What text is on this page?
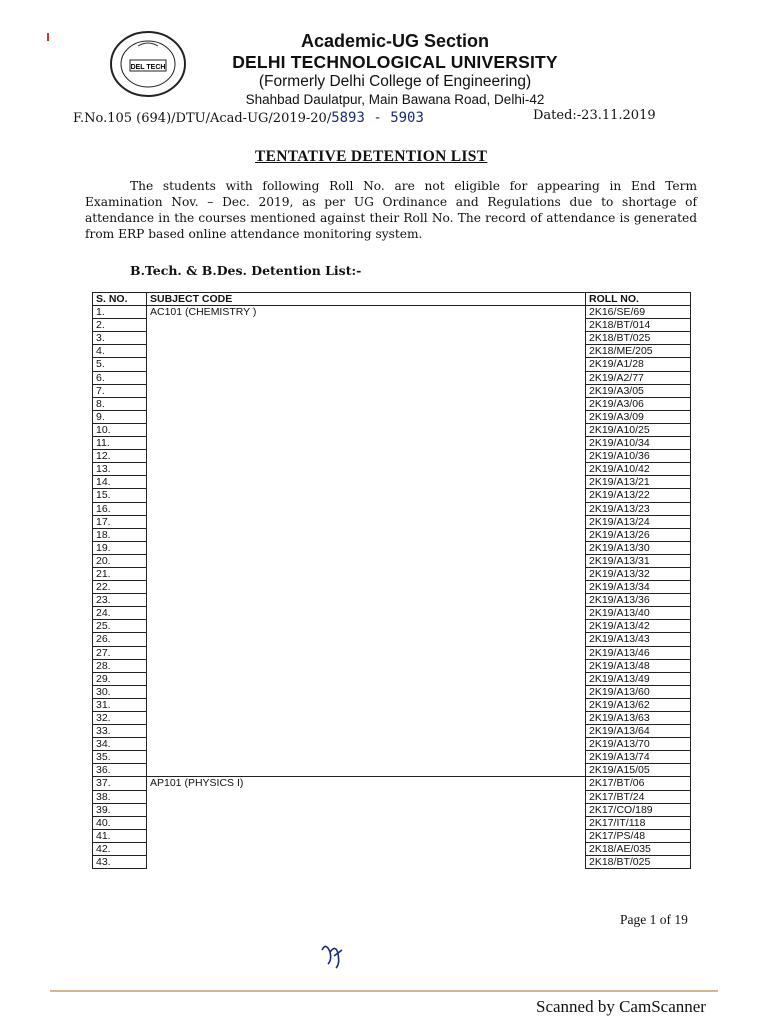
DEL TECH
Academic-UG Section
DELHI TECHNOLOGICAL UNIVERSITY
(Formerly Delhi College of Engineering)
Shahbad Daulatpur, Main Bawana Road, Delhi-42
F.No.105 (694)/DTU/Acad-UG/2019-20/5893 - 5903	Dated:-23.11.2019
TENTATIVE DETENTION LIST
The students with following Roll No. are not eligible for appearing in End Term Examination Nov. – Dec. 2019, as per UG Ordinance and Regulations due to shortage of attendance in the courses mentioned against their Roll No. The record of attendance is generated from ERP based online attendance monitoring system.
B.Tech. & B.Des. Detention List:-
S. NO.	SUBJECT CODE	ROLL NO.
1.	AC101 (CHEMISTRY )	2K16/SE/69
2.		2K18/BT/014
3.		2K18/BT/025
4.		2K18/ME/205
5.		2K19/A1/28
6.		2K19/A2/77
7.		2K19/A3/05
8.		2K19/A3/06
9.		2K19/A3/09
10.		2K19/A10/25
11.		2K19/A10/34
12.		2K19/A10/36
13.		2K19/A10/42
14.		2K19/A13/21
15.		2K19/A13/22
16.		2K19/A13/23
17.		2K19/A13/24
18.		2K19/A13/26
19.		2K19/A13/30
20.		2K19/A13/31
21.		2K19/A13/32
22.		2K19/A13/34
23.		2K19/A13/36
24.		2K19/A13/40
25.		2K19/A13/42
26.		2K19/A13/43
27.		2K19/A13/46
28.		2K19/A13/48
29.		2K19/A13/49
30.		2K19/A13/60
31.		2K19/A13/62
32.		2K19/A13/63
33.		2K19/A13/64
34.		2K19/A13/70
35.		2K19/A13/74
36.		2K19/A15/05
37.	AP101 (PHYSICS I)	2K17/BT/06
38.		2K17/BT/24
39.		2K17/CO/189
40.		2K17/IT/118
41.		2K17/PS/48
42.		2K18/AE/035
43.		2K18/BT/025
Page 1 of 19
Scanned by CamScanner
